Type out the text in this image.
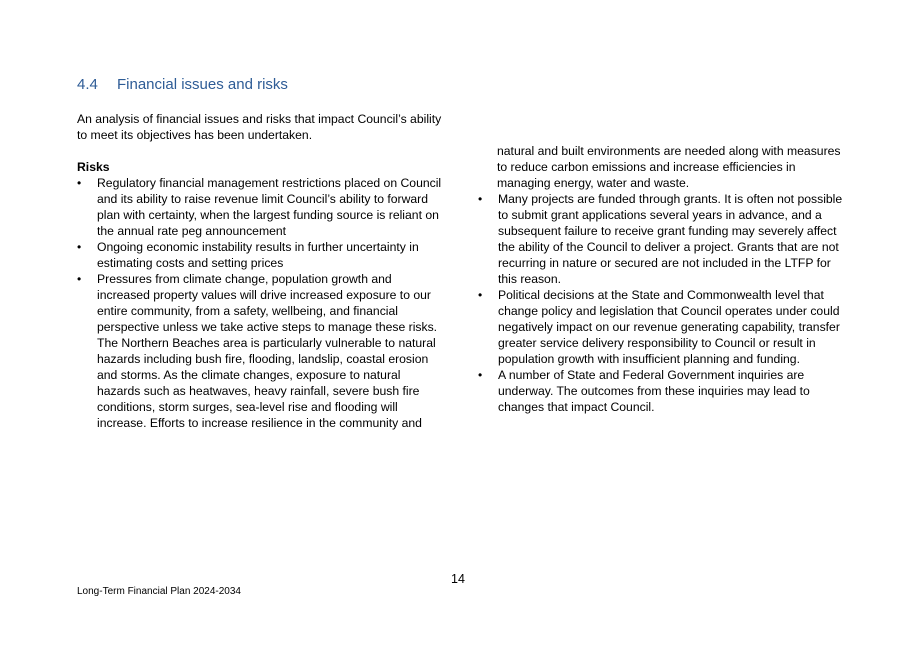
4.4 Financial issues and risks

An analysis of financial issues and risks that impact Council’s ability to meet its objectives has been undertaken.

Risks

•	Regulatory financial management restrictions placed on Council and its ability to raise revenue limit Council’s ability to forward plan with certainty, when the largest funding source is reliant on the annual rate peg announcement
•	Ongoing economic instability results in further uncertainty in estimating costs and setting prices
•	Pressures from climate change, population growth and increased property values will drive increased exposure to our entire community, from a safety, wellbeing, and financial perspective unless we take active steps to manage these risks. The Northern Beaches area is particularly vulnerable to natural hazards including bush fire, flooding, landslip, coastal erosion and storms. As the climate changes, exposure to natural hazards such as heatwaves, heavy rainfall, severe bush fire conditions, storm surges, sea-level rise and flooding will increase. Efforts to increase resilience in the community and

natural and built environments are needed along with measures to reduce carbon emissions and increase efficiencies in managing energy, water and waste.

•	Many projects are funded through grants. It is often not possible to submit grant applications several years in advance, and a subsequent failure to receive grant funding may severely affect the ability of the Council to deliver a project. Grants that are not recurring in nature or secured are not included in the LTFP for this reason.
•	Political decisions at the State and Commonwealth level that change policy and legislation that Council operates under could negatively impact on our revenue generating capability, transfer greater service delivery responsibility to Council or result in population growth with insufficient planning and funding.
•	A number of State and Federal Government inquiries are underway. The outcomes from these inquiries may lead to changes that impact Council.
14
Long-Term Financial Plan 2024-2034
